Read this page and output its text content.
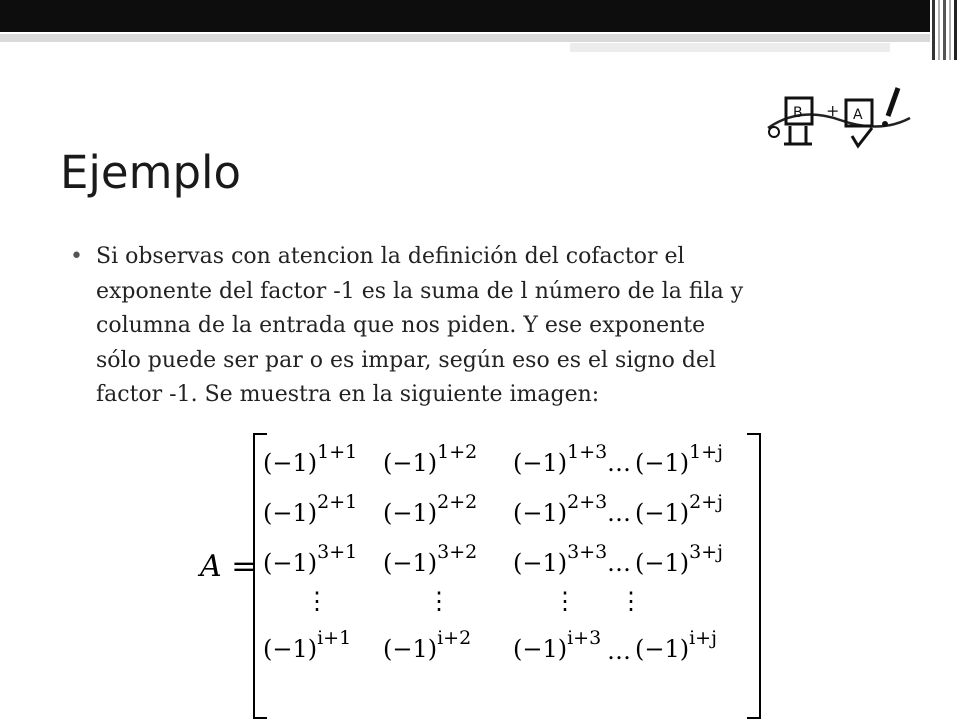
B + A
Ejemplo
• Si observas con atencion la definición del cofactor el
exponente del factor -1 es la suma de l número de la fila y
columna de la entrada que nos piden. Y ese exponente
sólo puede ser par o es impar, según eso es el signo del
factor -1. Se muestra en la siguiente imagen:
A =
$(-1)^{1+1}$ $(-1)^{1+2}$ $(-1)^{1+3}$ … $(-1)^{1+j}$
$(-1)^{2+1}$ $(-1)^{2+2}$ $(-1)^{2+3}$ … $(-1)^{2+j}$
$(-1)^{3+1}$ $(-1)^{3+2}$ $(-1)^{3+3}$ … $(-1)^{3+j}$
⋮	⋮	⋮ ⋮
$(-1)^{i+1}$ $(-1)^{i+2}$ $(-1)^{i+3}$ … $(-1)^{i+j}$
